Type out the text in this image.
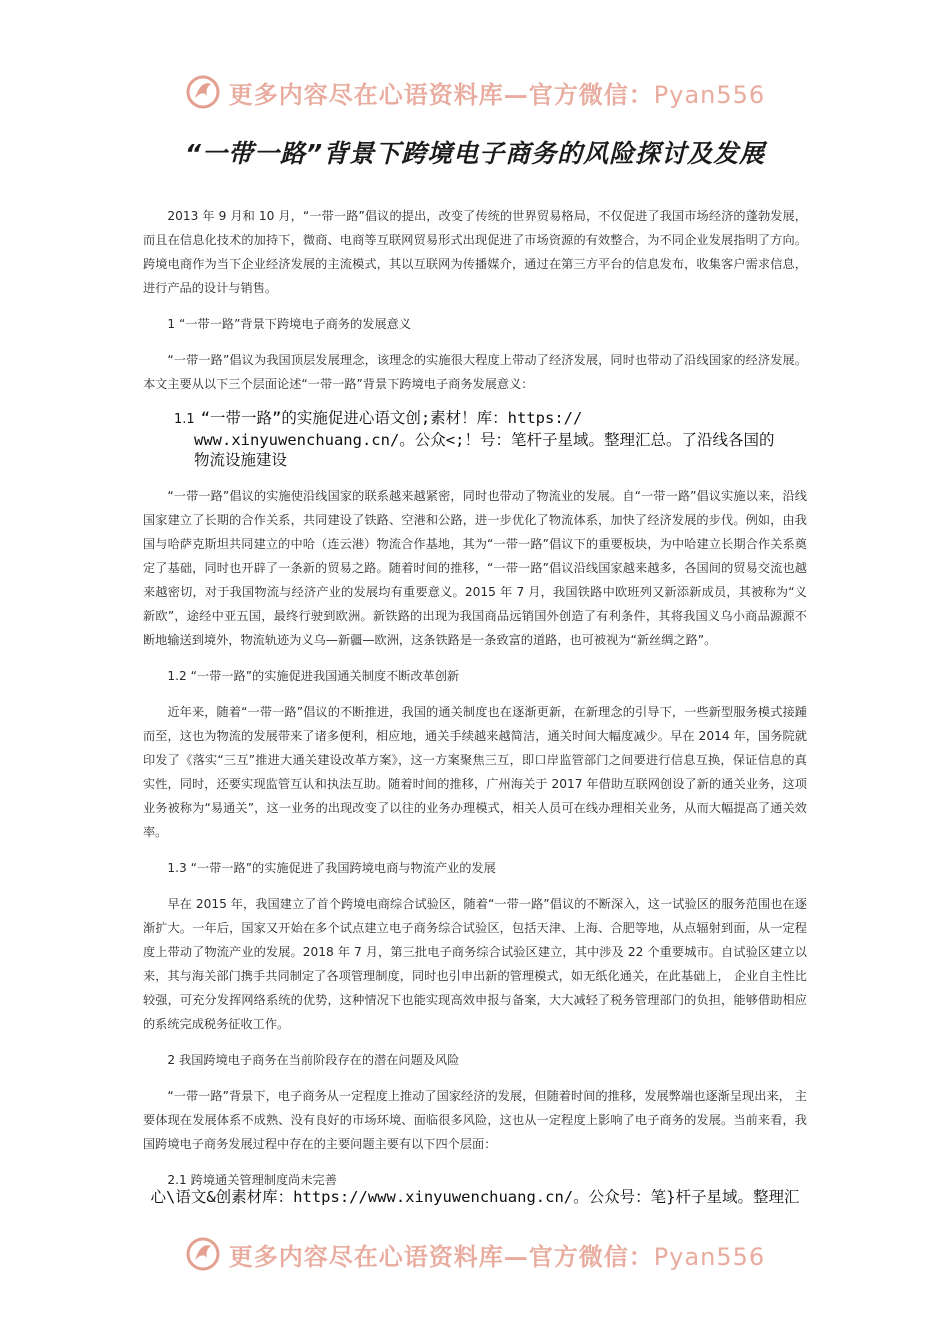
更多内容尽在心语资料库—官方微信：Pyan556
“一带一路”背景下跨境电子商务的风险探讨及发展

2013 年 9 月和 10 月，“一带一路”倡议的提出，改变了传统的世界贸易格局，不仅促进了我国市场经济的蓬勃发展，而且在信息化技术的加持下，微商、电商等互联网贸易形式出现促进了市场资源的有效整合，为不同企业发展指明了方向。跨境电商作为当下企业经济发展的主流模式，其以互联网为传播媒介，通过在第三方平台的信息发布，收集客户需求信息，进行产品的设计与销售。

1 “一带一路”背景下跨境电子商务的发展意义

“一带一路”倡议为我国顶层发展理念，该理念的实施很大程度上带动了经济发展，同时也带动了沿线国家的经济发展。本文主要从以下三个层面论述“一带一路”背景下跨境电子商务发展意义：

1.1 “一带一路”的实施促进心语文创;素材！库：https://
www.xinyuwenchuang.cn/。公众<;！号：笔杆子星域。整理汇总。了沿线各国的
物流设施建设

“一带一路”倡议的实施使沿线国家的联系越来越紧密，同时也带动了物流业的发展。自“一带一路”倡议实施以来，沿线国家建立了长期的合作关系，共同建设了铁路、空港和公路，进一步优化了物流体系，加快了经济发展的步伐。例如，由我国与哈萨克斯坦共同建立的中哈（连云港）物流合作基地，其为“一带一路”倡议下的重要板块，为中哈建立长期合作关系奠定了基础，同时也开辟了一条新的贸易之路。随着时间的推移，“一带一路”倡议沿线国家越来越多，各国间的贸易交流也越来越密切，对于我国物流与经济产业的发展均有重要意义。2015 年 7 月，我国铁路中欧班列又新添新成员，其被称为“义新欧”，途经中亚五国，最终行驶到欧洲。新铁路的出现为我国商品远销国外创造了有利条件，其将我国义乌小商品源源不断地输送到境外，物流轨迹为义乌—新疆—欧洲，这条铁路是一条致富的道路，也可被视为“新丝绸之路”。

1.2 “一带一路”的实施促进我国通关制度不断改革创新

近年来，随着“一带一路”倡议的不断推进，我国的通关制度也在逐渐更新，在新理念的引导下，一些新型服务模式接踵而至，这也为物流的发展带来了诸多便利，相应地，通关手续越来越简洁，通关时间大幅度减少。早在 2014 年，国务院就印发了《落实“三互”推进大通关建设改革方案》，这一方案聚焦三互，即口岸监管部门之间要进行信息互换，保证信息的真实性，同时，还要实现监管互认和执法互助。随着时间的推移，广州海关于 2017 年借助互联网创设了新的通关业务，这项业务被称为“易通关”，这一业务的出现改变了以往的业务办理模式，相关人员可在线办理相关业务，从而大幅提高了通关效率。

1.3 “一带一路”的实施促进了我国跨境电商与物流产业的发展

早在 2015 年，我国建立了首个跨境电商综合试验区，随着“一带一路”倡议的不断深入，这一试验区的服务范围也在逐渐扩大。一年后，国家又开始在多个试点建立电子商务综合试验区，包括天津、上海、合肥等地，从点辐射到面，从一定程度上带动了物流产业的发展。2018 年 7 月，第三批电子商务综合试验区建立，其中涉及 22 个重要城市。自试验区建立以来，其与海关部门携手共同制定了各项管理制度，同时也引申出新的管理模式，如无纸化通关，在此基础上， 企业自主性比较强，可充分发挥网络系统的优势，这种情况下也能实现高效申报与备案，大大减轻了税务管理部门的负担，能够借助相应的系统完成税务征收工作。

2 我国跨境电子商务在当前阶段存在的潜在问题及风险

“一带一路”背景下，电子商务从一定程度上推动了国家经济的发展，但随着时间的推移，发展弊端也逐渐呈现出来， 主要体现在发展体系不成熟、没有良好的市场环境、面临很多风险，这也从一定程度上影响了电子商务的发展。当前来看，我国跨境电子商务发展过程中存在的主要问题主要有以下四个层面：

2.1 跨境通关管理制度尚未完善

心\语文&创素材库：https://www.xinyuwenchuang.cn/。公众号：笔}杆子星域。整理汇
更多内容尽在心语资料库—官方微信：Pyan556
